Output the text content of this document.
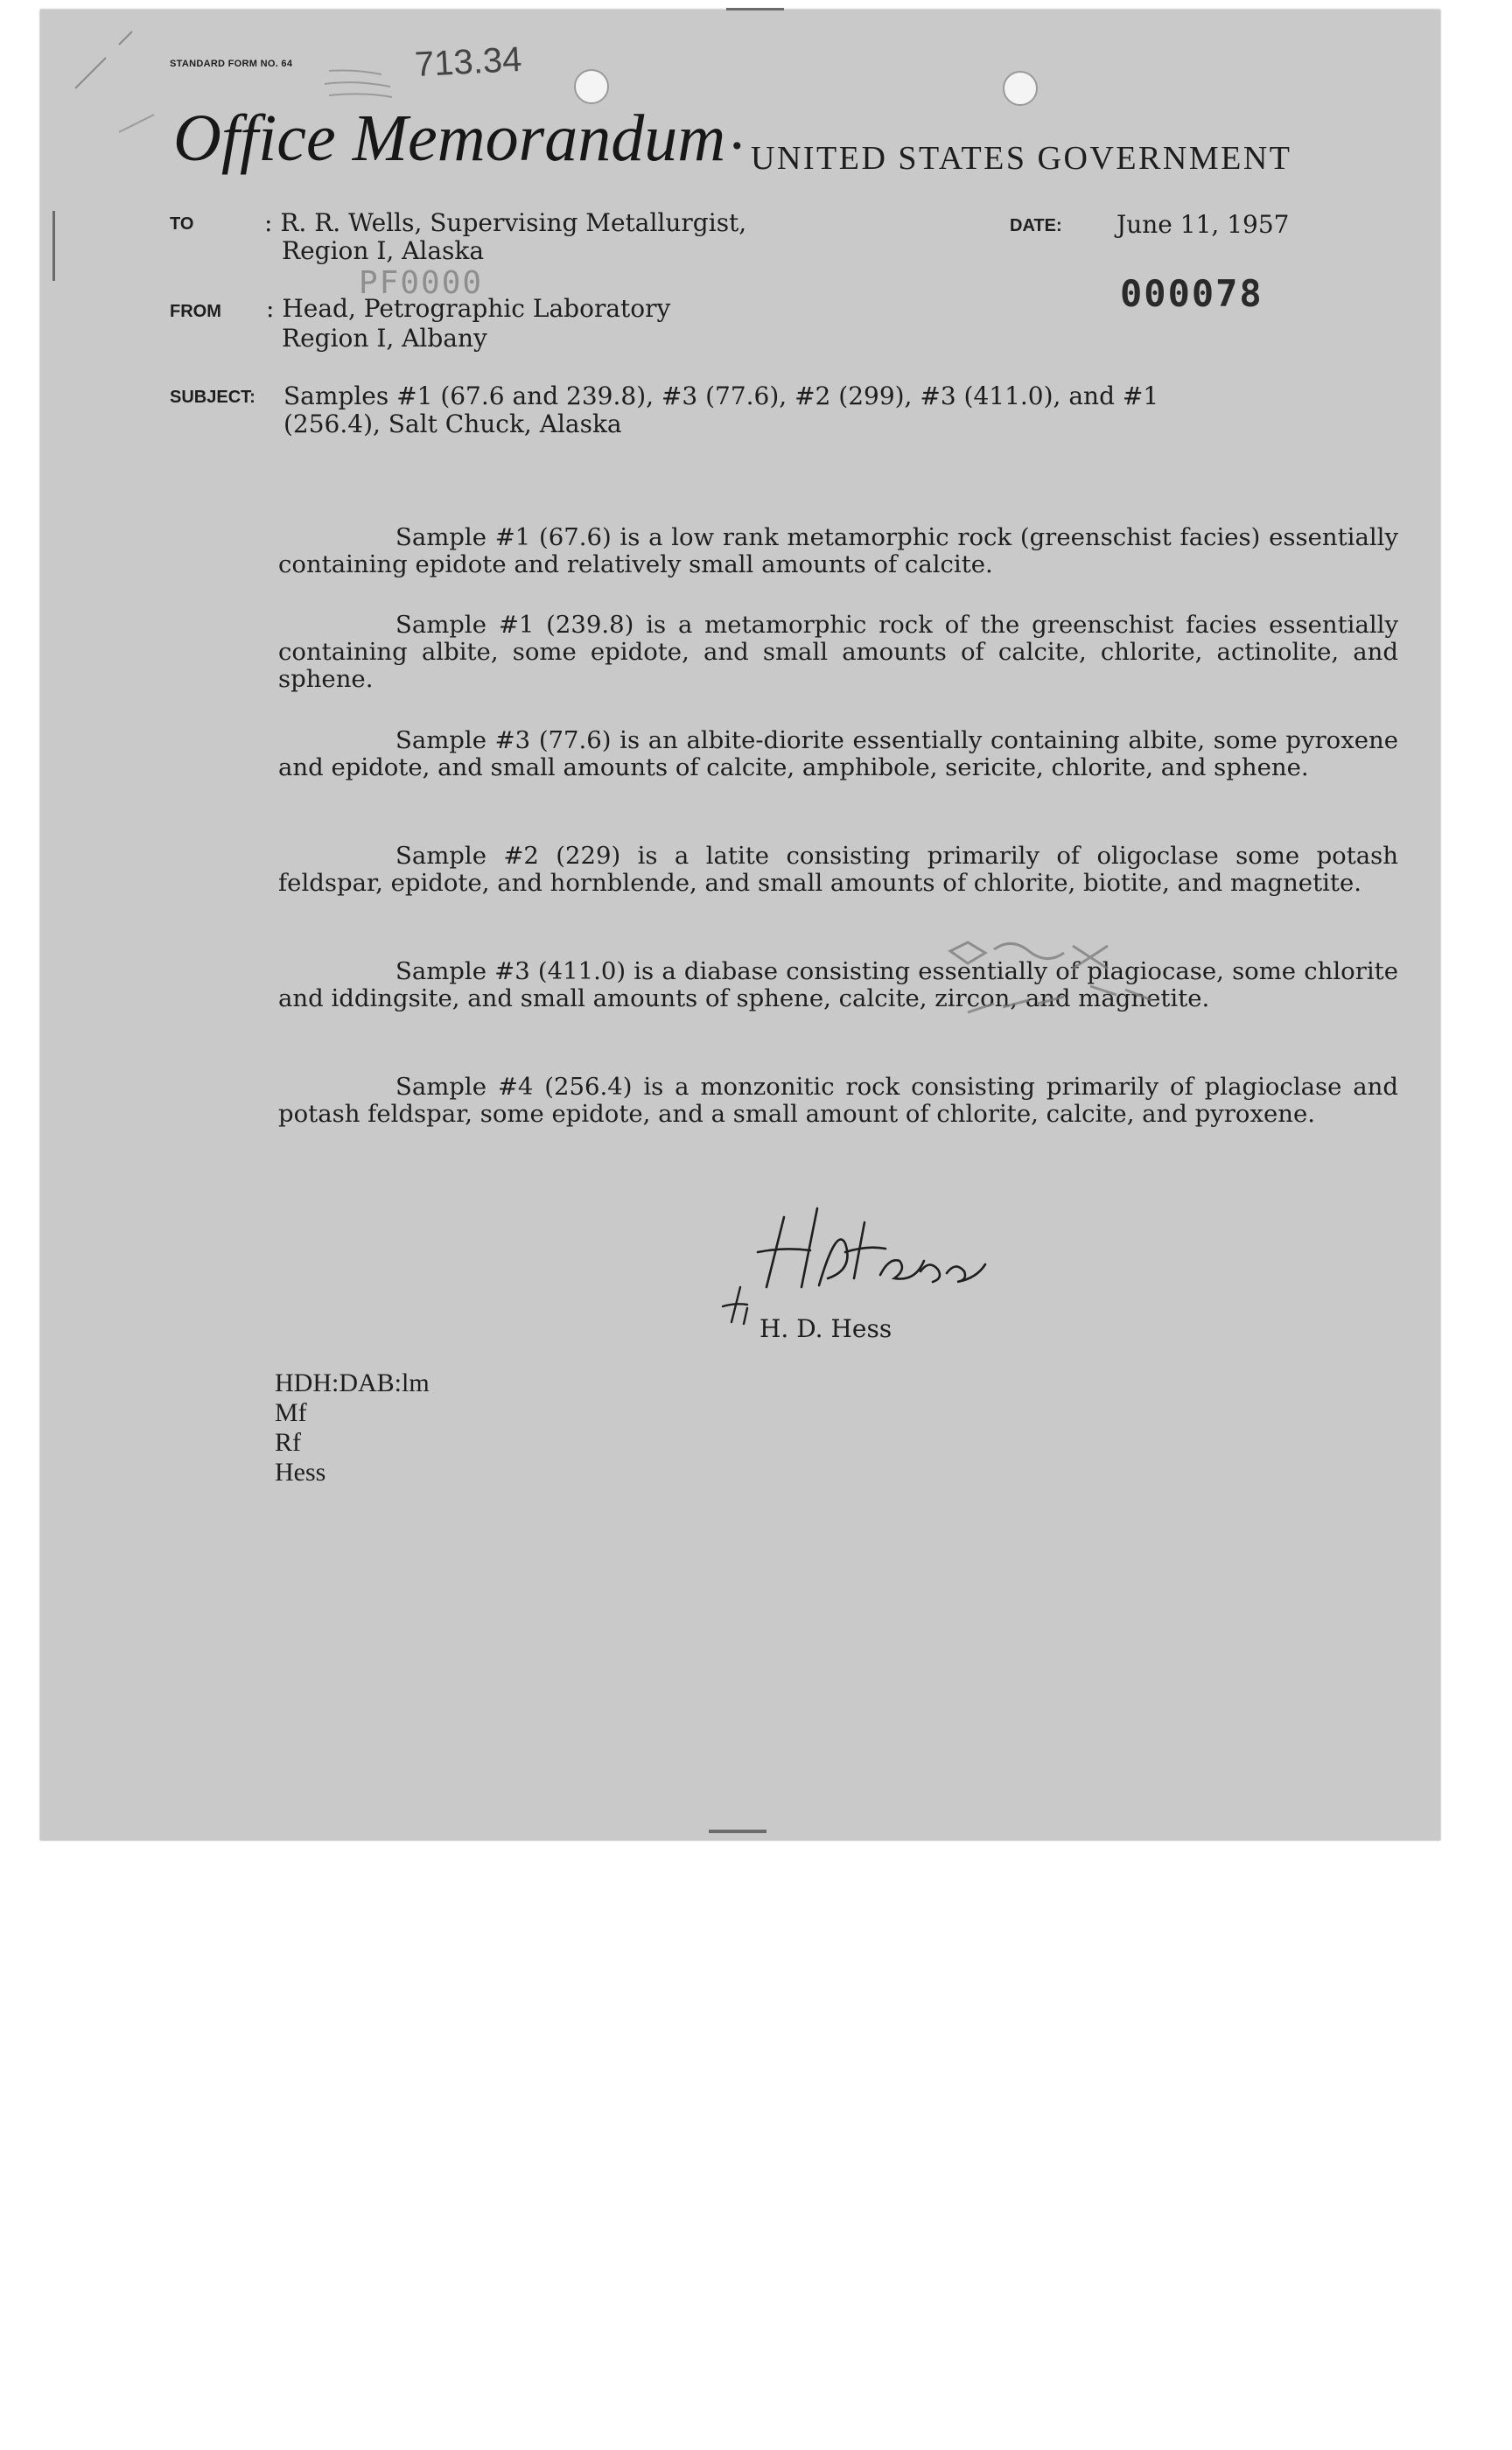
STANDARD FORM NO. 64	713.34
Office Memorandum • UNITED STATES GOVERNMENT
TO	: R. R. Wells, Supervising Metallurgist,
Region I, Alaska
DATE: June 11, 1957
000078
PF0000
FROM : Head, Petrographic Laboratory
Region I, Albany
SUBJECT: Samples #1 (67.6 and 239.8), #3 (77.6), #2 (299), #3 (411.0), and #1
(256.4), Salt Chuck, Alaska

Sample #1 (67.6) is a low rank metamorphic rock (greenschist facies) essentially containing epidote and relatively small amounts of calcite.

Sample #1 (239.8) is a metamorphic rock of the greenschist facies essentially containing albite, some epidote, and small amounts of calcite, chlorite, actinolite, and sphene.

Sample #3 (77.6) is an albite-diorite essentially containing albite, some pyroxene and epidote, and small amounts of calcite, amphibole, sericite, chlorite, and sphene.

Sample #2 (229) is a latite consisting primarily of oligoclase some potash feldspar, epidote, and hornblende, and small amounts of chlorite, biotite, and magnetite.

Sample #3 (411.0) is a diabase consisting essentially of plagiocase, some chlorite and iddingsite, and small amounts of sphene, calcite, zircon, and magnetite.

Sample #4 (256.4) is a monzonitic rock consisting primarily of plagioclase and potash feldspar, some epidote, and a small amount of chlorite, calcite, and pyroxene.

H. D. Hess
HDH:DAB:lm
Mf
Rf
Hess
